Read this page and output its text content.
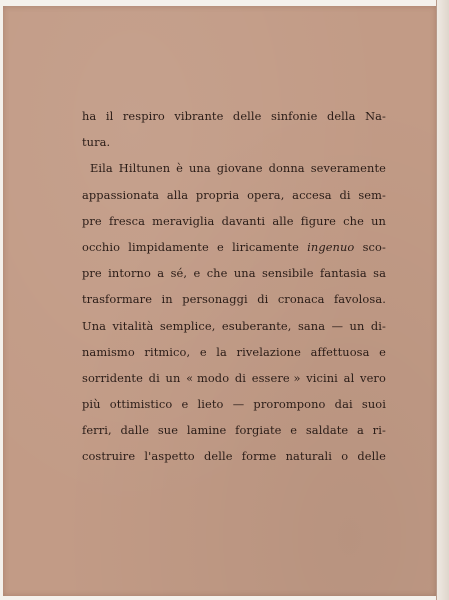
ha il respiro vibrante delle sinfonie della Na-
tura.
Eila Hiltunen è una giovane donna severamente
appassionata alla propria opera, accesa di sem-
pre fresca meraviglia davanti alle figure che un
occhio limpidamente e liricamente ingenuo sco-
pre intorno a sé, e che una sensibile fantasia sa
trasformare in personaggi di cronaca favolosa.
Una vitalità semplice, esuberante, sana — un di-
namismo ritmico, e la rivelazione affettuosa e
sorridente di un « modo di essere » vicini al vero
più ottimistico e lieto — prorompono dai suoi
ferri, dalle sue lamine forgiate e saldate a ri-
costruire l'aspetto delle forme naturali o delle
